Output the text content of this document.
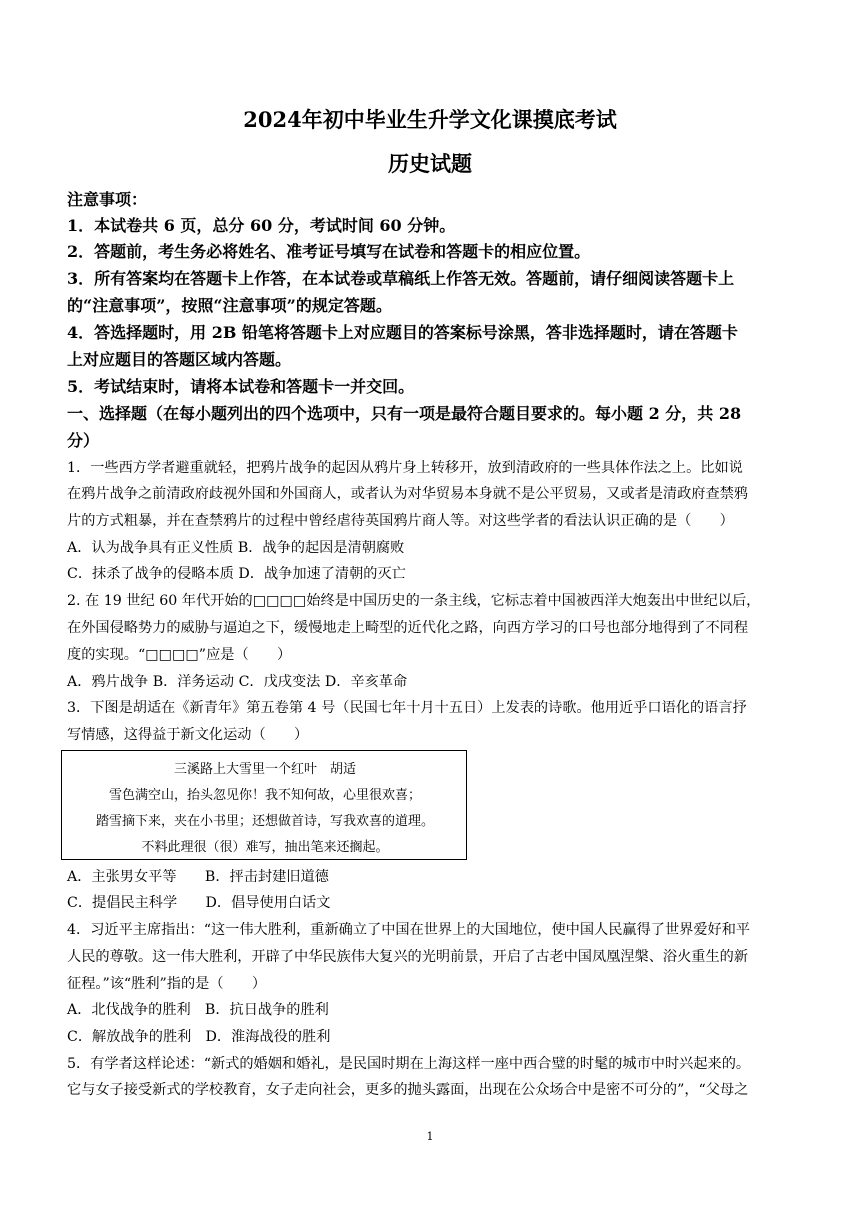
2024年初中毕业生升学文化课摸底考试
历史试题
注意事项：
1．本试卷共 6 页，总分 60 分，考试时间 60 分钟。
2．答题前，考生务必将姓名、准考证号填写在试卷和答题卡的相应位置。
3．所有答案均在答题卡上作答，在本试卷或草稿纸上作答无效。答题前，请仔细阅读答题卡上
的“注意事项”，按照“注意事项”的规定答题。
4．答选择题时，用 2B 铅笔将答题卡上对应题目的答案标号涂黑，答非选择题时，请在答题卡
上对应题目的答题区域内答题。
5．考试结束时，请将本试卷和答题卡一并交回。
一、选择题（在每小题列出的四个选项中，只有一项是最符合题目要求的。每小题 2 分，共 28
分）
1．一些西方学者避重就轻，把鸦片战争的起因从鸦片身上转移开，放到清政府的一些具体作法之上。比如说
在鸦片战争之前清政府歧视外国和外国商人，或者认为对华贸易本身就不是公平贸易，又或者是清政府查禁鸦
片的方式粗暴，并在查禁鸦片的过程中曾经虐待英国鸦片商人等。对这些学者的看法认识正确的是（　　）
A．认为战争具有正义性质 B．战争的起因是清朝腐败
C．抹杀了战争的侵略本质 D．战争加速了清朝的灭亡
2. 在 19 世纪 60 年代开始的□□□□始终是中国历史的一条主线，它标志着中国被西洋大炮轰出中世纪以后，
在外国侵略势力的威胁与逼迫之下，缓慢地走上畸型的近代化之路，向西方学习的口号也部分地得到了不同程
度的实现。“□□□□”应是（　　）
A．鸦片战争 B．洋务运动 C．戊戌变法 D．辛亥革命
3．下图是胡适在《新青年》第五卷第 4 号（民国七年十月十五日）上发表的诗歌。他用近乎口语化的语言抒
写情感，这得益于新文化运动（　　）
三溪路上大雪里一个红叶　胡适
雪色满空山，抬头忽见你！我不知何故，心里很欢喜；
踏雪摘下来，夹在小书里；还想做首诗，写我欢喜的道理。
不料此理很（很）难写，抽出笔来还搁起。
A．主张男女平等　　B．抨击封建旧道德
C．提倡民主科学　　D．倡导使用白话文
4．习近平主席指出：“这一伟大胜利，重新确立了中国在世界上的大国地位，使中国人民赢得了世界爱好和平
人民的尊敬。这一伟大胜利，开辟了中华民族伟大复兴的光明前景，开启了古老中国凤凰涅槃、浴火重生的新
征程。”该“胜利”指的是（　　）
A．北伐战争的胜利　B．抗日战争的胜利
C．解放战争的胜利　D．淮海战役的胜利
5．有学者这样论述：“新式的婚姻和婚礼，是民国时期在上海这样一座中西合璧的时髦的城市中时兴起来的。
它与女子接受新式的学校教育，女子走向社会，更多的抛头露面，出现在公众场合中是密不可分的”，“父母之
1
